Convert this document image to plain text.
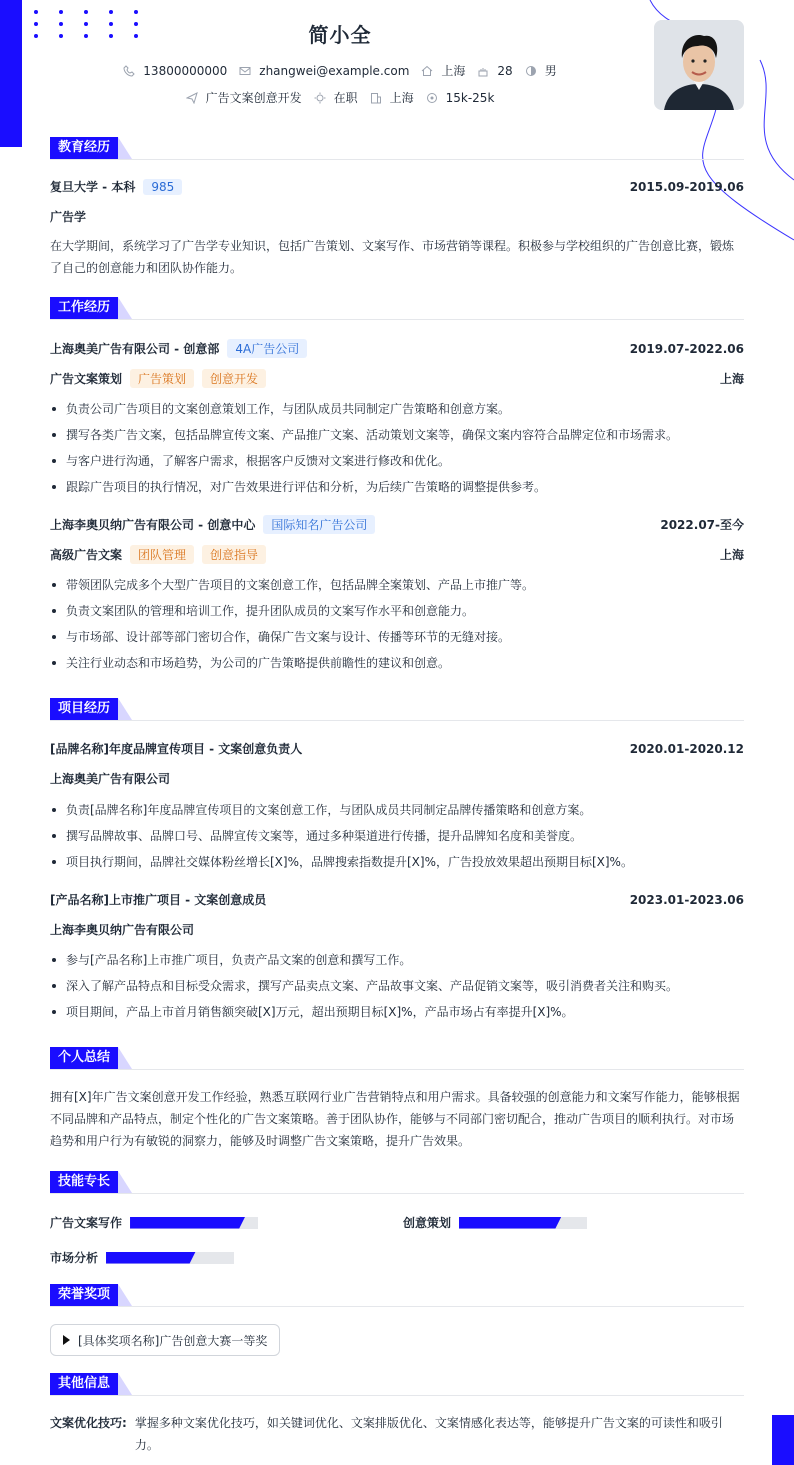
简小全
13800000000	zhangwei@example.com	上海	28	男
广告文案创意开发	在职	上海	15k-25k
教育经历
复旦大学 - 本科	985	2015.09-2019.06
广告学
在大学期间，系统学习了广告学专业知识，包括广告策划、文案写作、市场营销等课程。积极参与学校组织的广告创意比赛，锻炼了自己的创意能力和团队协作能力。
工作经历
上海奥美广告有限公司 - 创意部	4A广告公司	2019.07-2022.06
广告文案策划	广告策划	创意开发	上海
负责公司广告项目的文案创意策划工作，与团队成员共同制定广告策略和创意方案。
撰写各类广告文案，包括品牌宣传文案、产品推广文案、活动策划文案等，确保文案内容符合品牌定位和市场需求。
与客户进行沟通，了解客户需求，根据客户反馈对文案进行修改和优化。
跟踪广告项目的执行情况，对广告效果进行评估和分析，为后续广告策略的调整提供参考。
上海李奥贝纳广告有限公司 - 创意中心	国际知名广告公司	2022.07-至今
高级广告文案	团队管理	创意指导	上海
带领团队完成多个大型广告项目的文案创意工作，包括品牌全案策划、产品上市推广等。
负责文案团队的管理和培训工作，提升团队成员的文案写作水平和创意能力。
与市场部、设计部等部门密切合作，确保广告文案与设计、传播等环节的无缝对接。
关注行业动态和市场趋势，为公司的广告策略提供前瞻性的建议和创意。
项目经历
[品牌名称]年度品牌宣传项目 - 文案创意负责人	2020.01-2020.12
上海奥美广告有限公司
负责[品牌名称]年度品牌宣传项目的文案创意工作，与团队成员共同制定品牌传播策略和创意方案。
撰写品牌故事、品牌口号、品牌宣传文案等，通过多种渠道进行传播，提升品牌知名度和美誉度。
项目执行期间，品牌社交媒体粉丝增长[X]%，品牌搜索指数提升[X]%，广告投放效果超出预期目标[X]%。
[产品名称]上市推广项目 - 文案创意成员	2023.01-2023.06
上海李奥贝纳广告有限公司
参与[产品名称]上市推广项目，负责产品文案的创意和撰写工作。
深入了解产品特点和目标受众需求，撰写产品卖点文案、产品故事文案、产品促销文案等，吸引消费者关注和购买。
项目期间，产品上市首月销售额突破[X]万元，超出预期目标[X]%，产品市场占有率提升[X]%。
个人总结
拥有[X]年广告文案创意开发工作经验，熟悉互联网行业广告营销特点和用户需求。具备较强的创意能力和文案写作能力，能够根据不同品牌和产品特点，制定个性化的广告文案策略。善于团队协作，能够与不同部门密切配合，推动广告项目的顺利执行。对市场趋势和用户行为有敏锐的洞察力，能够及时调整广告文案策略，提升广告效果。
技能专长
广告文案写作	创意策划
市场分析
荣誉奖项
[具体奖项名称]广告创意大赛一等奖
其他信息
文案优化技巧: 掌握多种文案优化技巧，如关键词优化、文案排版优化、文案情感化表达等，能够提升广告文案的可读性和吸引力。
